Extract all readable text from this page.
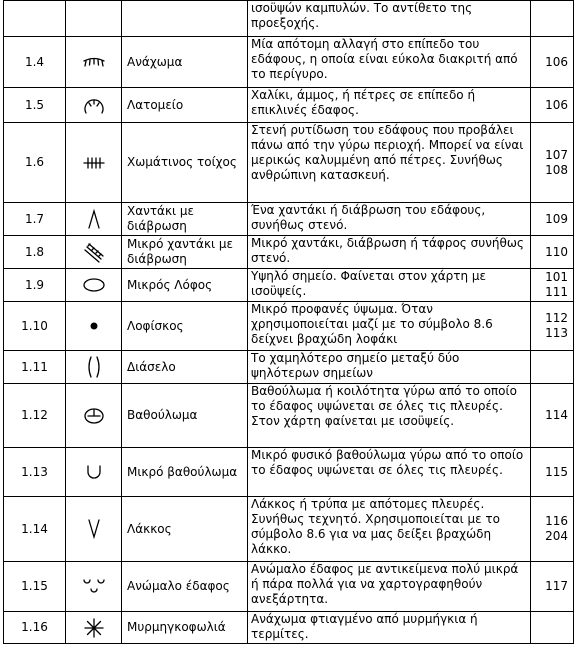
			ισοϋψών καμπυλών. Το αντίθετο της προεξοχής.	
1.4		Ανάχωμα	Μία απότομη αλλαγή στο επίπεδο του εδάφους, η οποία είναι εύκολα διακριτή από το περίγυρο.	106

1.5		Λατομείο	Χαλίκι, άμμος, ή πέτρες σε επίπεδο ή επικλινές έδαφος.	106

1.6		Χωμάτινος τοίχος	Στενή ρυτίδωση του εδάφους που προβάλει πάνω από την γύρω περιοχή. Μπορεί να είναι μερικώς καλυμμένη από πέτρες. Συνήθως ανθρώπινη κατασκευή.	107
108

1.7		Χαντάκι με διάβρωση	Ένα χαντάκι ή διάβρωση του εδάφους, συνήθως στενό.	109

1.8		Μικρό χαντάκι με διάβρωση	Μικρό χαντάκι, διάβρωση ή τάφρος συνήθως στενό.	110

1.9		Μικρός Λόφος	Υψηλό σημείο. Φαίνεται στον χάρτη με ισοϋψείς.	101
111

1.10		Λοφίσκος	Μικρό προφανές ύψωμα. Όταν χρησιμοποιείται μαζί με το σύμβολο 8.6 δείχνει βραχώδη λοφάκι	112
113

1.11		Διάσελο	Το χαμηλότερο σημείο μεταξύ δύο ψηλότερων σημείων	
1.12		Βαθούλωμα	Βαθούλωμα ή κοιλότητα γύρω από το οποίο το έδαφος υψώνεται σε όλες τις πλευρές. Στον χάρτη φαίνεται με ισοϋψείς.	114

1.13		Μικρό βαθούλωμα	Μικρό φυσικό βαθούλωμα γύρω από το οποίο το έδαφος υψώνεται σε όλες τις πλευρές.	115

1.14		Λάκκος	Λάκκος ή τρύπα με απότομες πλευρές. Συνήθως τεχνητό. Χρησιμοποιείται με το σύμβολο 8.6 για να μας δείξει βραχώδη λάκκο.	116
204

1.15		Ανώμαλο έδαφος	Ανώμαλο έδαφος με αντικείμενα πολύ μικρά ή πάρα πολλά για να χαρτογραφηθούν ανεξάρτητα.	117

1.16		Μυρμηγκοφωλιά	Ανάχωμα φτιαγμένο από μυρμήγκια ή τερμίτες.	
